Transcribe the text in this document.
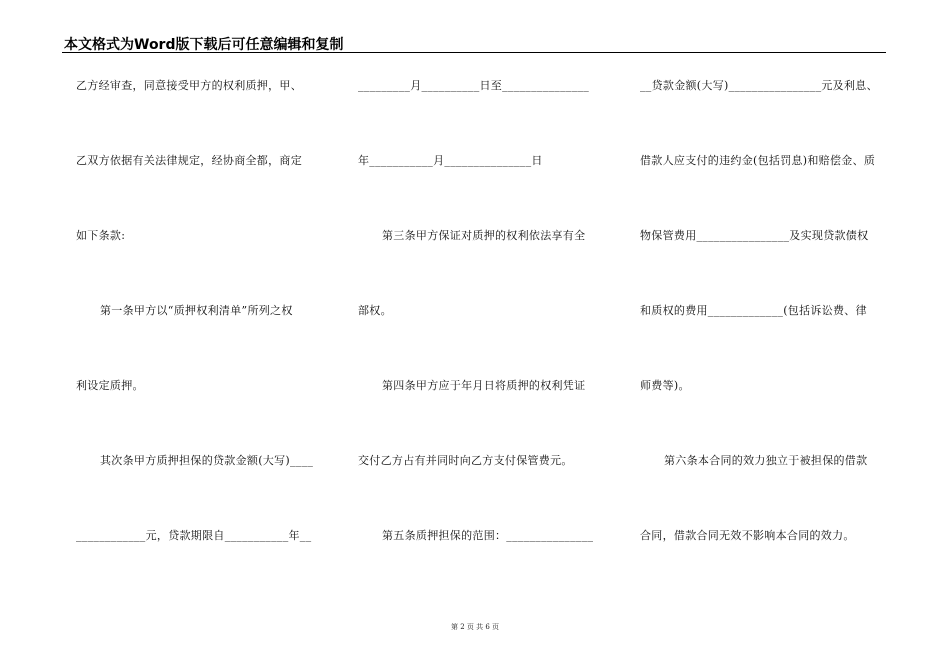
本文格式为Word版下载后可任意编辑和复制
乙方经审查，同意接受甲方的权利质押，甲、
乙双方依据有关法律规定，经协商全都，商定
如下条款:
第一条甲方以“质押权利清单”所列之权
利设定质押。
其次条甲方质押担保的贷款金额(大写)____
____________元，贷款期限自___________年__
_________月__________日至_______________
年___________月_______________日
第三条甲方保证对质押的权利依法享有全
部权。
第四条甲方应于年月日将质押的权利凭证
交付乙方占有并同时向乙方支付保管费元。
第五条质押担保的范围：_______________
__贷款金额(大写)________________元及利息、
借款人应支付的违约金(包括罚息)和赔偿金、质
物保管费用________________及实现贷款债权
和质权的费用_____________(包括诉讼费、律
师费等)。
第六条本合同的效力独立于被担保的借款
合同，借款合同无效不影响本合同的效力。
第 2 页 共 6 页
